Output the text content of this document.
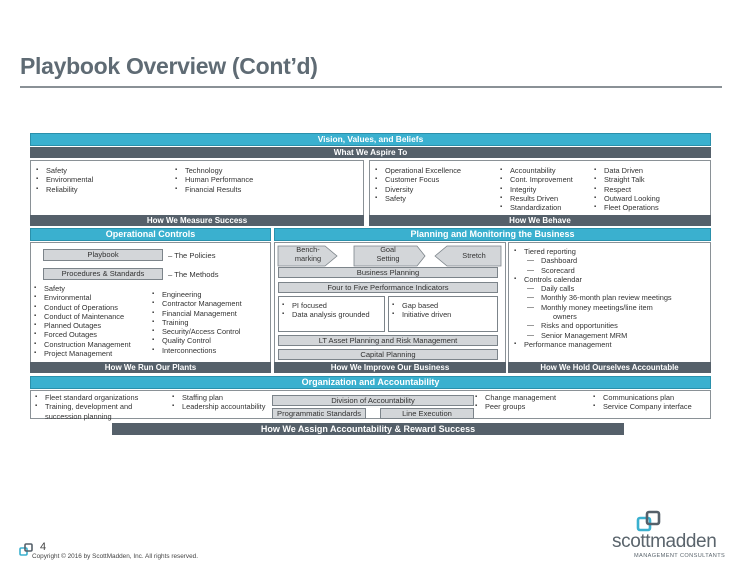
Playbook Overview (Cont’d)
Vision, Values, and Beliefs
What We Aspire To
▪ Safety
▪ Environmental
▪ Reliability
▪ Technology
▪ Human Performance
▪ Financial Results
How We Measure Success
▪ Operational Excellence
▪ Customer Focus
▪ Diversity
▪ Safety
▪ Accountability
▪ Cont. Improvement
▪ Integrity
▪ Results Driven
▪ Standardization
▪ Data Driven
▪ Straight Talk
▪ Respect
▪ Outward Looking
▪ Fleet Operations
How We Behave
Operational Controls
Playbook	– The Policies
Procedures & Standards	– The Methods
▪ Safety
▪ Environmental
▪ Conduct of Operations
▪ Conduct of Maintenance
▪ Planned Outages
▪ Forced Outages
▪ Construction Management
▪ Project Management
▪ Engineering
▪ Contractor Management
▪ Financial Management
▪ Training
▪ Security/Access Control
▪ Quality Control
▪ Interconnections
How We Run Our Plants
Planning and Monitoring the Business
Bench-
marking
Goal
Setting	Stretch
Business Planning
Four to Five Performance Indicators
▪ PI focused
▪ Data analysis grounded
▪ Gap based
▪ Initiative driven
LT Asset Planning and Risk Management
Capital Planning
How We Improve Our Business
▪ Tiered reporting
— Dashboard
— Scorecard
▪ Controls calendar
— Daily calls
— Monthly 36-month plan review meetings
— Monthly money meetings/line item
owners
— Risks and opportunities
— Senior Management MRM
▪ Performance management
How We Hold Ourselves Accountable
Organization and Accountability
▪ Fleet standard organizations
▪ Training, development and succession planning
▪ Staffing plan
▪ Leadership accountability
Division of Accountability
Programmatic Standards	Line Execution
▪ Change management
▪ Peer groups
▪ Communications plan
▪ Service Company interface
How We Assign Accountability & Reward Success
4
Copyright © 2016 by ScottMadden, Inc. All rights reserved.
scottmadden
MANAGEMENT CONSULTANTS
